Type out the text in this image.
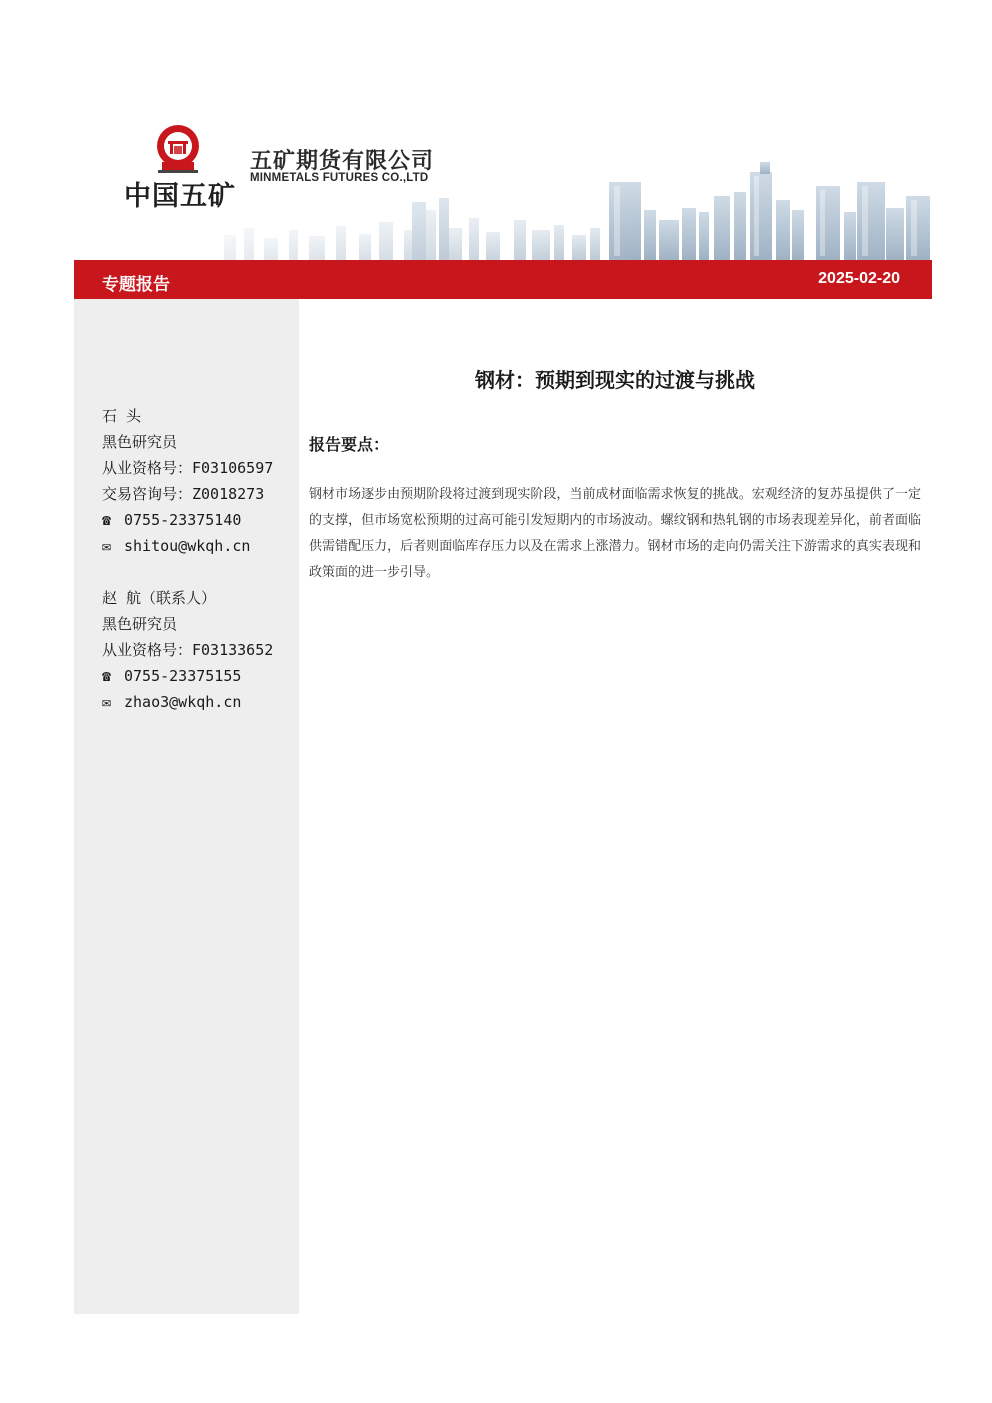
中国五矿
五矿期货有限公司
MINMETALS FUTURES CO.,LTD
专题报告	2025-02-20
石 头
黑色研究员
从业资格号：F03106597
交易咨询号：Z0018273
☎ 0755-23375140
✉ shitou@wkqh.cn
赵 航（联系人）
黑色研究员
从业资格号：F03133652
☎ 0755-23375155
✉ zhao3@wkqh.cn
钢材：预期到现实的过渡与挑战
报告要点：
钢材市场逐步由预期阶段将过渡到现实阶段，当前成材面临需求恢复的挑战。宏观经济的复苏虽提供了一定的支撑，但市场宽松预期的过高可能引发短期内的市场波动。螺纹钢和热轧钢的市场表现差异化，前者面临供需错配压力，后者则面临库存压力以及在需求上涨潜力。钢材市场的走向仍需关注下游需求的真实表现和政策面的进一步引导。
